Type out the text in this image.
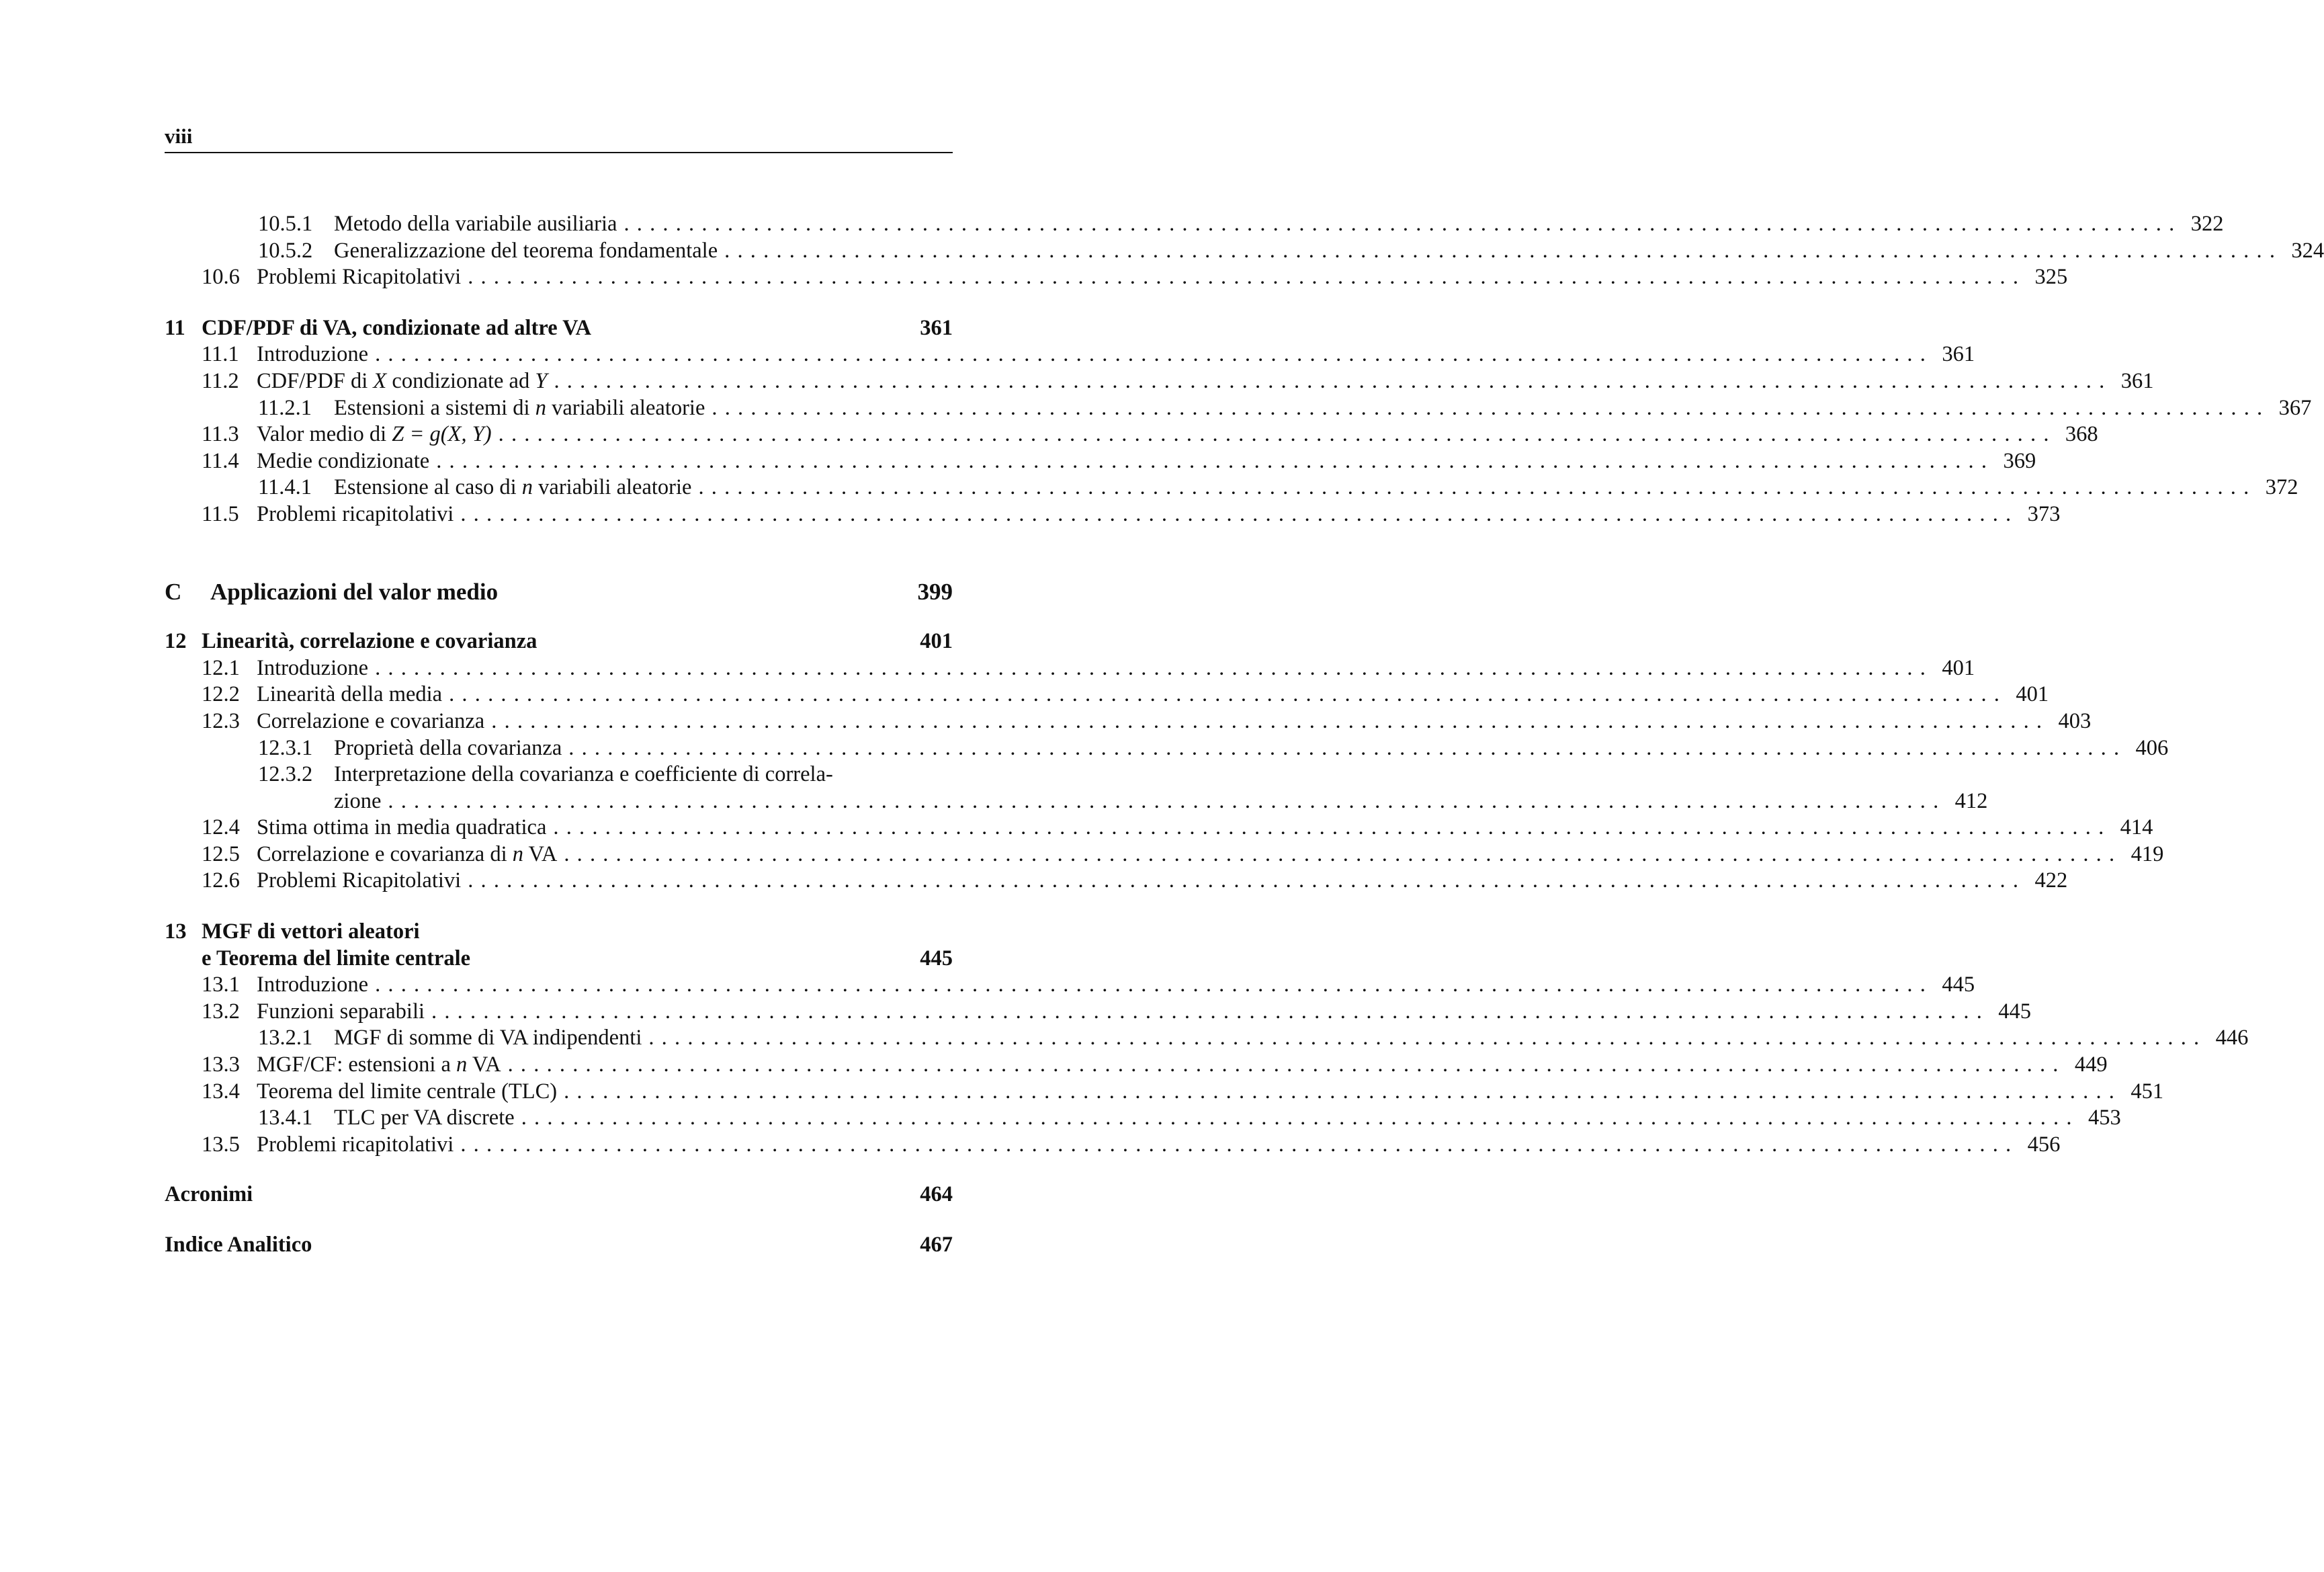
viii
10.5.1 Metodo della variabile ausiliaria ........................................................................................................................ 322
10.5.2 Generalizzazione del teorema fondamentale ........................................................................................................................ 324
10.6 Problemi Ricapitolativi ........................................................................................................................ 325
11 CDF/PDF di VA, condizionate ad altre VA	361
11.1 Introduzione ........................................................................................................................ 361
11.2 CDF/PDF di X condizionate ad Y ........................................................................................................................ 361
11.2.1	Estensioni a sistemi di n variabili aleatorie ........................................................................................................................ 367
11.3 Valor medio di Z = g(X, Y) ........................................................................................................................ 368
11.4 Medie condizionate ........................................................................................................................ 369
11.4.1	Estensione al caso di n variabili aleatorie ........................................................................................................................ 372
11.5 Problemi ricapitolativi ........................................................................................................................ 373
C	Applicazioni del valor medio	399
12 Linearità, correlazione e covarianza	401
12.1 Introduzione ........................................................................................................................ 401
12.2 Linearità della media ........................................................................................................................ 401
12.3 Correlazione e covarianza ........................................................................................................................ 403
12.3.1 Proprietà della covarianza ........................................................................................................................ 406
12.3.2 Interpretazione della covarianza e coefficiente di correla-
zione ........................................................................................................................ 412
12.4 Stima ottima in media quadratica ........................................................................................................................ 414
12.5 Correlazione e covarianza di n VA ........................................................................................................................ 419
12.6 Problemi Ricapitolativi ........................................................................................................................ 422
13 MGF di vettori aleatori
e Teorema del limite centrale	445
13.1 Introduzione ........................................................................................................................ 445
13.2 Funzioni separabili ........................................................................................................................ 445
13.2.1 MGF di somme di VA indipendenti ........................................................................................................................ 446
13.3 MGF/CF: estensioni a n VA ........................................................................................................................ 449
13.4 Teorema del limite centrale (TLC) ........................................................................................................................ 451
13.4.1 TLC per VA discrete ........................................................................................................................ 453
13.5 Problemi ricapitolativi ........................................................................................................................ 456
Acronimi	464
Indice Analitico	467
